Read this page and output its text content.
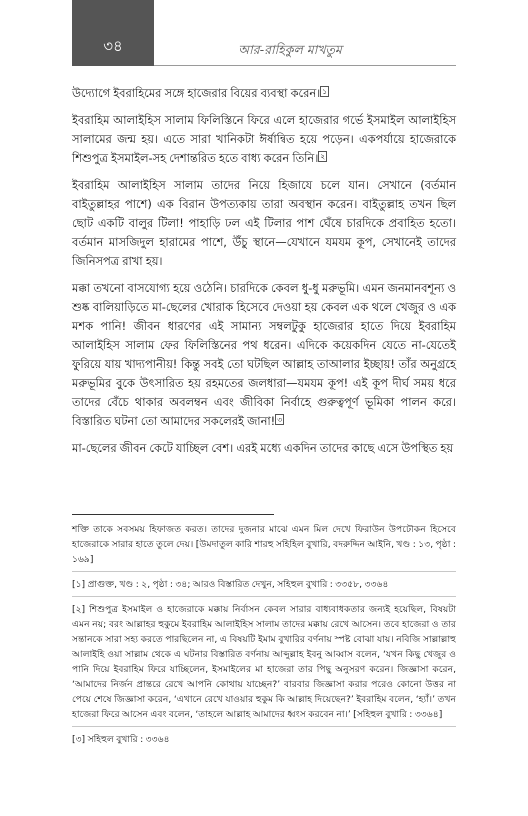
৩৪	আর-রাহিকুল মাখতুম

উদ্যোগে ইবরাহিমের সঙ্গে হাজেরার বিয়ের ব্যবস্থা করেন। $^১$

ইবরাহিম আলাইহিস সালাম ফিলিস্তিনে ফিরে এলে হাজেরার গর্ভে ইসমাইল আলাইহিস সালামের জন্ম হয়। এতে সারা খানিকটা ঈর্ষান্বিত হয়ে পড়েন। একপর্যায়ে হাজেরাকে শিশুপুত্র ইসমাইল-সহ দেশান্তরিত হতে বাধ্য করেন তিনি। $^২$

ইবরাহিম আলাইহিস সালাম তাদের নিয়ে হিজাযে চলে যান। সেখানে (বর্তমান বাইতুল্লাহর পাশে) এক বিরান উপত্যকায় তারা অবস্থান করেন। বাইতুল্লাহ তখন ছিল ছোট একটি বালুর টিলা! পাহাড়ি ঢল এই টিলার পাশ ঘেঁষে চারদিকে প্রবাহিত হতো। বর্তমান মাসজিদুল হারামের পাশে, উঁচু স্থানে—যেখানে যমযম কূপ, সেখানেই তাদের জিনিসপত্র রাখা হয়।

মক্কা তখনো বাসযোগ্য হয়ে ওঠেনি। চারদিকে কেবল ধু-ধু মরুভূমি। এমন জনমানবশূন্য ও শুষ্ক বালিয়াড়িতে মা-ছেলের খোরাক হিসেবে দেওয়া হয় কেবল এক থলে খেজুর ও এক মশক পানি! জীবন ধারণের এই সামান্য সম্বলটুকু হাজেরার হাতে দিয়ে ইবরাহিম আলাইহিস সালাম ফের ফিলিস্তিনের পথ ধরেন। এদিকে কয়েকদিন যেতে না-যেতেই ফুরিয়ে যায় খাদ্যপানীয়! কিন্তু সবই তো ঘটছিল আল্লাহ তাআলার ইচ্ছায়! তাঁর অনুগ্রহে মরুভূমির বুকে উৎসারিত হয় রহমতের জলধারা—যমযম কূপ! এই কূপ দীর্ঘ সময় ধরে তাদের বেঁচে থাকার অবলম্বন এবং জীবিকা নির্বাহে গুরুত্বপূর্ণ ভূমিকা পালন করে। বিস্তারিত ঘটনা তো আমাদের সকলেরই জানা! $^৩$

মা-ছেলের জীবন কেটে যাচ্ছিল বেশ। এরই মধ্যে একদিন তাদের কাছে এসে উপস্থিত হয়

শক্তি তাকে সবসময় হিফাজত করত। তাদের দুজনার মাঝে এমন মিল দেখে ফিরাউন উপঢৌকন হিসেবে হাজেরাকে সারার হাতে তুলে দেয়। [উমদাতুল কারি শারহু সহিহিল বুখারি, বদরুদ্দিন আইনি, খণ্ড : ১৩, পৃষ্ঠা : ১৬৯]

[১] প্রাগুক্ত, খণ্ড : ২, পৃষ্ঠা : ৩৪; আরও বিস্তারিত দেখুন, সহিহুল বুখারি : ৩৩৫৮, ৩৩৬৪

[২] শিশুপুত্র ইসমাইল ও হাজেরাকে মক্কায় নির্বাসন কেবল সারার বাধ্যবাধকতার জন্যই হয়েছিল, বিষয়টা এমন নয়; বরং আল্লাহর হুকুমে ইবরাহিম আলাইহিস সালাম তাদের মক্কায় রেখে আসেন। তবে হাজেরা ও তার সন্তানকে সারা সহ্য করতে পারছিলেন না, এ বিষয়টি ইমাম বুখারির বর্ণনায় স্পষ্ট বোঝা যায়। নবিজি সাল্লাল্লাহু আলাইহি ওয়া সাল্লাম থেকে এ ঘটনার বিস্তারিত বর্ণনায় আব্দুল্লাহ ইবনু আব্বাস বলেন, ‘যখন কিছু খেজুর ও পানি দিয়ে ইবরাহিম ফিরে যাচ্ছিলেন, ইসমাইলের মা হাজেরা তার পিছু অনুসরণ করেন। জিজ্ঞাসা করেন, ‘আমাদের নির্জন প্রান্তরে রেখে আপনি কোথায় যাচ্ছেন?’ বারবার জিজ্ঞাসা করার পরেও কোনো উত্তর না পেয়ে শেষে জিজ্ঞাসা করেন, ‘এখানে রেখে যাওয়ার হুকুম কি আল্লাহ দিয়েছেন?’ ইবরাহিম বলেন, ‘হ্যাঁ।’ তখন হাজেরা ফিরে আসেন এবং বলেন, ‘তাহলে আল্লাহ আমাদের ধ্বংস করবেন না।’ [সহিহুল বুখারি : ৩৩৬৪]

[৩] সহিহুল বুখারি : ৩৩৬৪
